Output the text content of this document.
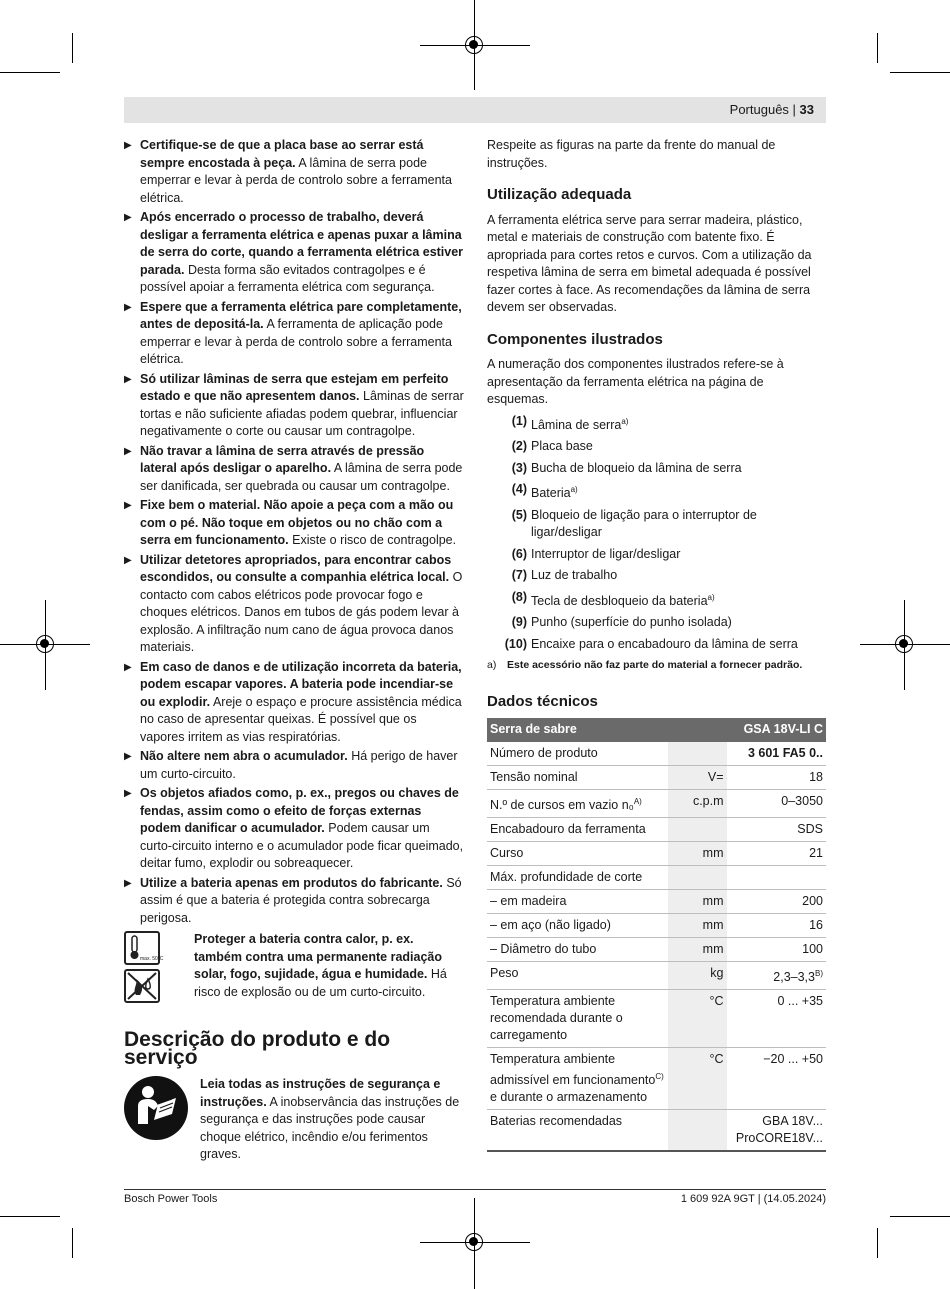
Português | 33
▶ Certifique-se de que a placa base ao serrar está sempre encostada à peça. A lâmina de serra pode emperrar e levar à perda de controlo sobre a ferramenta elétrica.
▶ Após encerrado o processo de trabalho, deverá desligar a ferramenta elétrica e apenas puxar a lâmina de serra do corte, quando a ferramenta elétrica estiver parada. Desta forma são evitados contragolpes e é possível apoiar a ferramenta elétrica com segurança.
▶ Espere que a ferramenta elétrica pare completamente, antes de depositá-la. A ferramenta de aplicação pode emperrar e levar à perda de controlo sobre a ferramenta elétrica.
▶ Só utilizar lâminas de serra que estejam em perfeito estado e que não apresentem danos. Lâminas de serrar tortas e não suficiente afiadas podem quebrar, influenciar negativamente o corte ou causar um contragolpe.
▶ Não travar a lâmina de serra através de pressão lateral após desligar o aparelho. A lâmina de serra pode ser danificada, ser quebrada ou causar um contragolpe.
▶ Fixe bem o material. Não apoie a peça com a mão ou com o pé. Não toque em objetos ou no chão com a serra em funcionamento. Existe o risco de contragolpe.
▶ Utilizar detetores apropriados, para encontrar cabos escondidos, ou consulte a companhia elétrica local. O contacto com cabos elétricos pode provocar fogo e choques elétricos. Danos em tubos de gás podem levar à explosão. A infiltração num cano de água provoca danos materiais.
▶ Em caso de danos e de utilização incorreta da bateria, podem escapar vapores. A bateria pode incendiar-se ou explodir. Areje o espaço e procure assistência médica no caso de apresentar queixas. É possível que os vapores irritem as vias respiratórias.
▶ Não altere nem abra o acumulador. Há perigo de haver um curto-circuito.
▶ Os objetos afiados como, p. ex., pregos ou chaves de fendas, assim como o efeito de forças externas podem danificar o acumulador. Podem causar um curto-circuito interno e o acumulador pode ficar queimado, deitar fumo, explodir ou sobreaquecer.
▶ Utilize a bateria apenas em produtos do fabricante. Só assim é que a bateria é protegida contra sobrecarga perigosa.
max. 50°C
Proteger a bateria contra calor, p. ex. também contra uma permanente radiação solar, fogo, sujidade, água e humidade. Há risco de explosão ou de um curto-circuito.
Descrição do produto e do serviço
Leia todas as instruções de segurança e instruções. A inobservância das instruções de segurança e das instruções pode causar choque elétrico, incêndio e/ou ferimentos graves.
Respeite as figuras na parte da frente do manual de instruções.
Utilização adequada
A ferramenta elétrica serve para serrar madeira, plástico, metal e materiais de construção com batente fixo. É apropriada para cortes retos e curvos. Com a utilização da respetiva lâmina de serra em bimetal adequada é possível fazer cortes à face. As recomendações da lâmina de serra devem ser observadas.
Componentes ilustrados
A numeração dos componentes ilustrados refere-se à apresentação da ferramenta elétrica na página de esquemas.
(1) Lâmina de serra$^{a)}$
(2) Placa base
(3) Bucha de bloqueio da lâmina de serra
(4) Bateria$^{a)}$
(5) Bloqueio de ligação para o interruptor de ligar/desligar
(6) Interruptor de ligar/desligar
(7) Luz de trabalho
(8) Tecla de desbloqueio da bateria$^{a)}$
(9) Punho (superfície do punho isolada)
(10) Encaixe para o encabadouro da lâmina de serra
a) Este acessório não faz parte do material a fornecer padrão.
Dados técnicos
Serra de sabre		GSA 18V-LI C
Número de produto		3 601 FA5 0..
Tensão nominal	V=	18
N.º de cursos em vazio n₀$^{A)}$	c.p.m	0–3050
Encabadouro da ferramenta		SDS
Curso	mm	21
Máx. profundidade de corte		
– em madeira	mm	200
– em aço (não ligado)	mm	16
– Diâmetro do tubo	mm	100
Peso	kg	$2,3-3,3^{B)}$
Temperatura ambiente recomendada durante o carregamento	°C	0 ... +35
Temperatura ambiente admissível em funcionamento$^{C)}$
e durante o armazenamento	°C	−20 ... +50
Baterias recomendadas		GBA 18V...
ProCORE18V...
Bosch Power Tools	1 609 92A 9GT | (14.05.2024)
